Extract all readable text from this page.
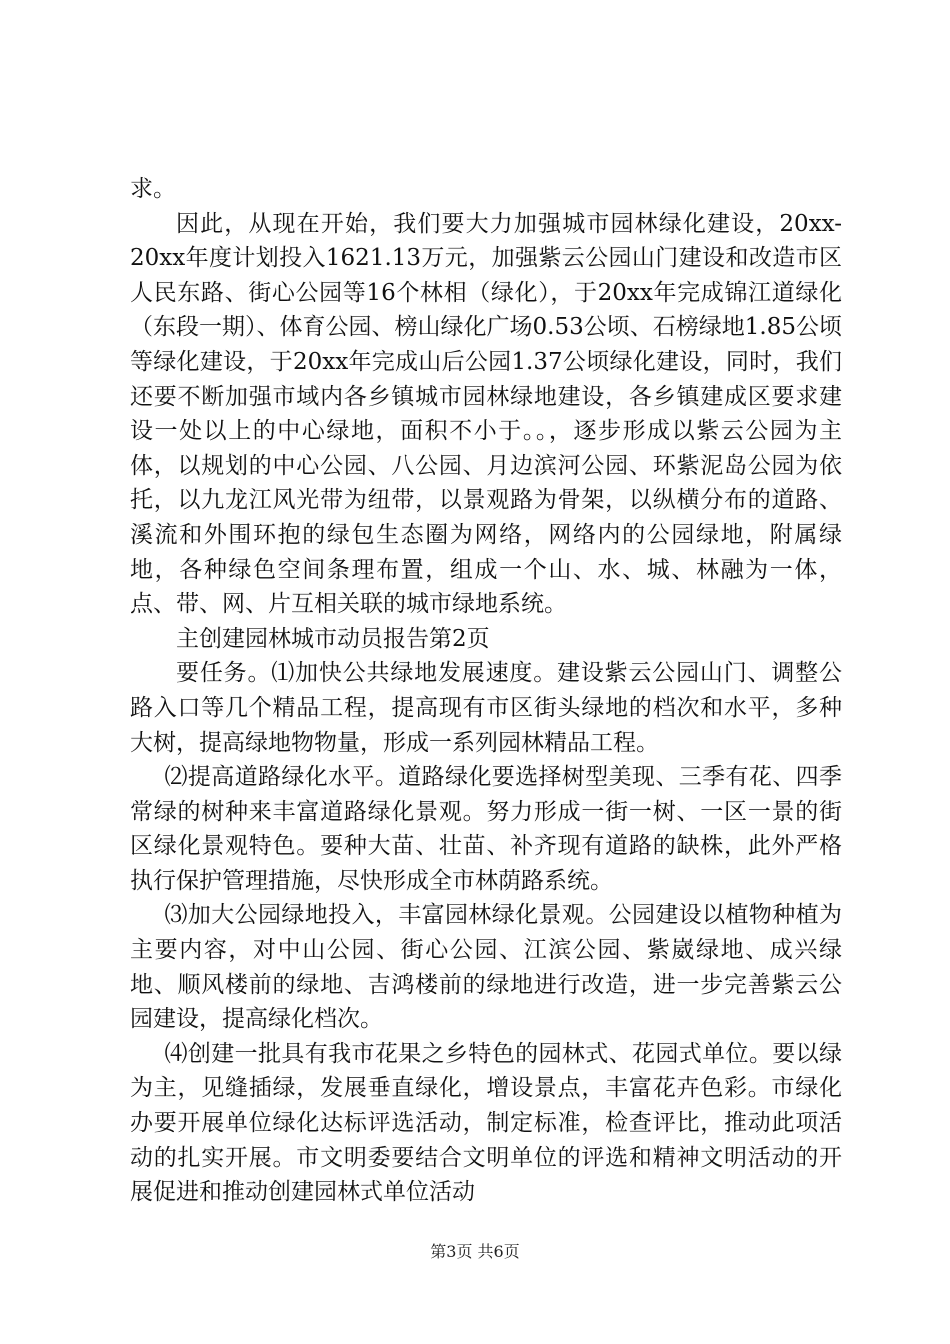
求。

因此，从现在开始，我们要大力加强城市园林绿化建设，20xx-20xx年度计划投入1621.13万元，加强紫云公园山门建设和改造市区人民东路、街心公园等16个林相（绿化），于20xx年完成锦江道绿化（东段一期）、体育公园、榜山绿化广场0.53公顷、石榜绿地1.85公顷等绿化建设，于20xx年完成山后公园1.37公顷绿化建设，同时，我们还要不断加强市域内各乡镇城市园林绿地建设，各乡镇建成区要求建设一处以上的中心绿地，面积不小于。。，逐步形成以紫云公园为主体，以规划的中心公园、八公园、月边滨河公园、环紫泥岛公园为依托，以九龙江风光带为纽带，以景观路为骨架，以纵横分布的道路、溪流和外围环抱的绿包生态圈为网络，网络内的公园绿地，附属绿地，各种绿色空间条理布置，组成一个山、水、城、林融为一体，点、带、网、片互相关联的城市绿地系统。

主创建园林城市动员报告第2页

要任务。⑴加快公共绿地发展速度。建设紫云公园山门、调整公路入口等几个精品工程，提高现有市区街头绿地的档次和水平，多种大树，提高绿地物物量，形成一系列园林精品工程。

⑵提高道路绿化水平。道路绿化要选择树型美现、三季有花、四季常绿的树种来丰富道路绿化景观。努力形成一街一树、一区一景的街区绿化景观特色。要种大苗、壮苗、补齐现有道路的缺株，此外严格执行保护管理措施，尽快形成全市林荫路系统。

⑶加大公园绿地投入，丰富园林绿化景观。公园建设以植物种植为主要内容，对中山公园、街心公园、江滨公园、紫崴绿地、成兴绿地、顺风楼前的绿地、吉鸿楼前的绿地进行改造，进一步完善紫云公园建设，提高绿化档次。

⑷创建一批具有我市花果之乡特色的园林式、花园式单位。要以绿为主，见缝插绿，发展垂直绿化，增设景点，丰富花卉色彩。市绿化办要开展单位绿化达标评选活动，制定标准，检查评比，推动此项活动的扎实开展。市文明委要结合文明单位的评选和精神文明活动的开展促进和推动创建园林式单位活动

第3页 共6页
